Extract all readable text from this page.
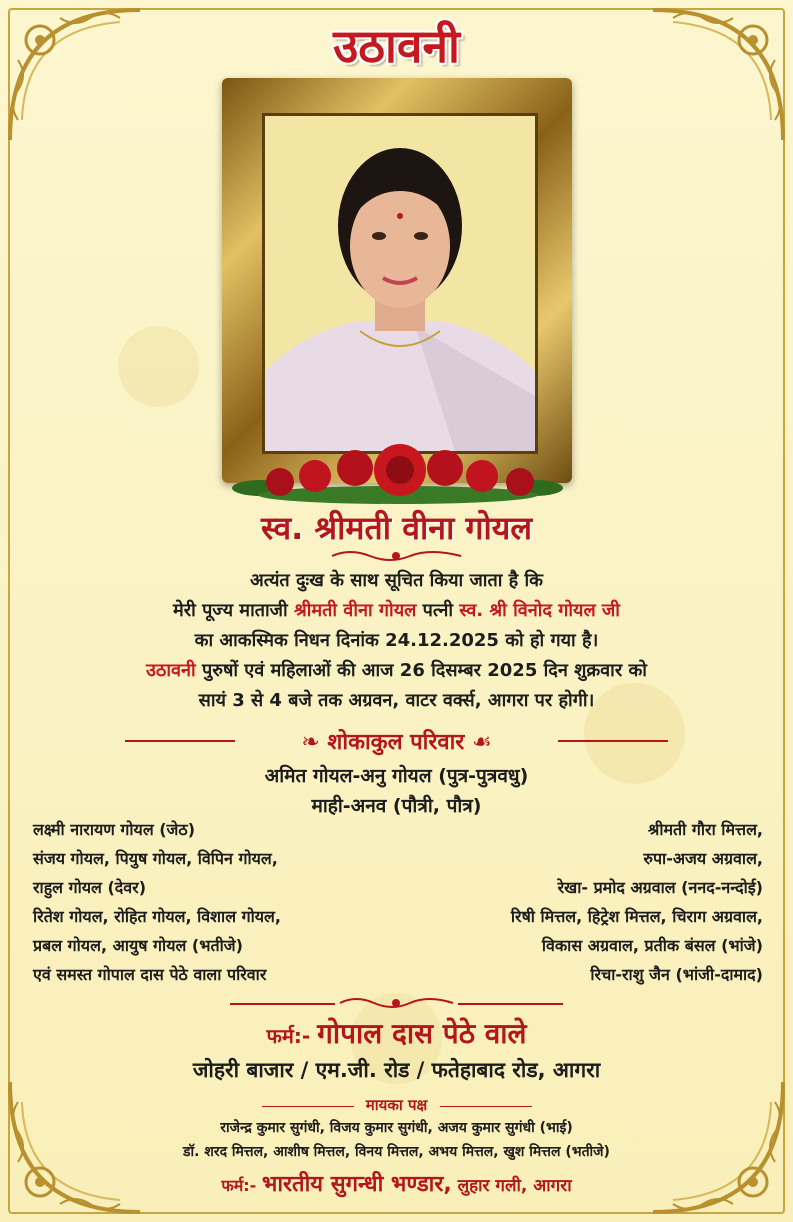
उठावनी
स्व. श्रीमती वीना गोयल
अत्यंत दुःख के साथ सूचित किया जाता है कि
मेरी पूज्य माताजी श्रीमती वीना गोयल पत्नी स्व. श्री विनोद गोयल जी
का आकस्मिक निधन दिनांक 24.12.2025 को हो गया है।
उठावनी पुरुषों एवं महिलाओं की आज 26 दिसम्बर 2025 दिन शुक्रवार को
सायं 3 से 4 बजे तक अग्रवन, वाटर वर्क्स, आगरा पर होगी।
❧ शोकाकुल परिवार ☙
अमित गोयल-अनु गोयल (पुत्र-पुत्रवधु)
माही-अनव (पौत्री, पौत्र)
लक्ष्मी नारायण गोयल (जेठ)
संजय गोयल, पियुष गोयल, विपिन गोयल,
राहुल गोयल (देवर)
रितेश गोयल, रोहित गोयल, विशाल गोयल,
प्रबल गोयल, आयुष गोयल (भतीजे)
एवं समस्त गोपाल दास पेठे वाला परिवार
श्रीमती गौरा मित्तल,
रुपा-अजय अग्रवाल,
रेखा- प्रमोद अग्रवाल (ननद-नन्दोई)
रिषी मित्तल, हिट्रेश मित्तल, चिराग अग्रवाल,
विकास अग्रवाल, प्रतीक बंसल (भांजे)
रिचा-राशु जैन (भांजी-दामाद)
फर्म:- गोपाल दास पेठे वाले
जोहरी बाजार / एम.जी. रोड / फतेहाबाद रोड, आगरा
मायका पक्ष
राजेन्द्र कुमार सुगंधी, विजय कुमार सुगंधी, अजय कुमार सुगंधी (भाई)
डॉ. शरद मित्तल, आशीष मित्तल, विनय मित्तल, अभय मित्तल, खुश मित्तल (भतीजे)
फर्म:- भारतीय सुगन्धी भण्डार, लुहार गली, आगरा
